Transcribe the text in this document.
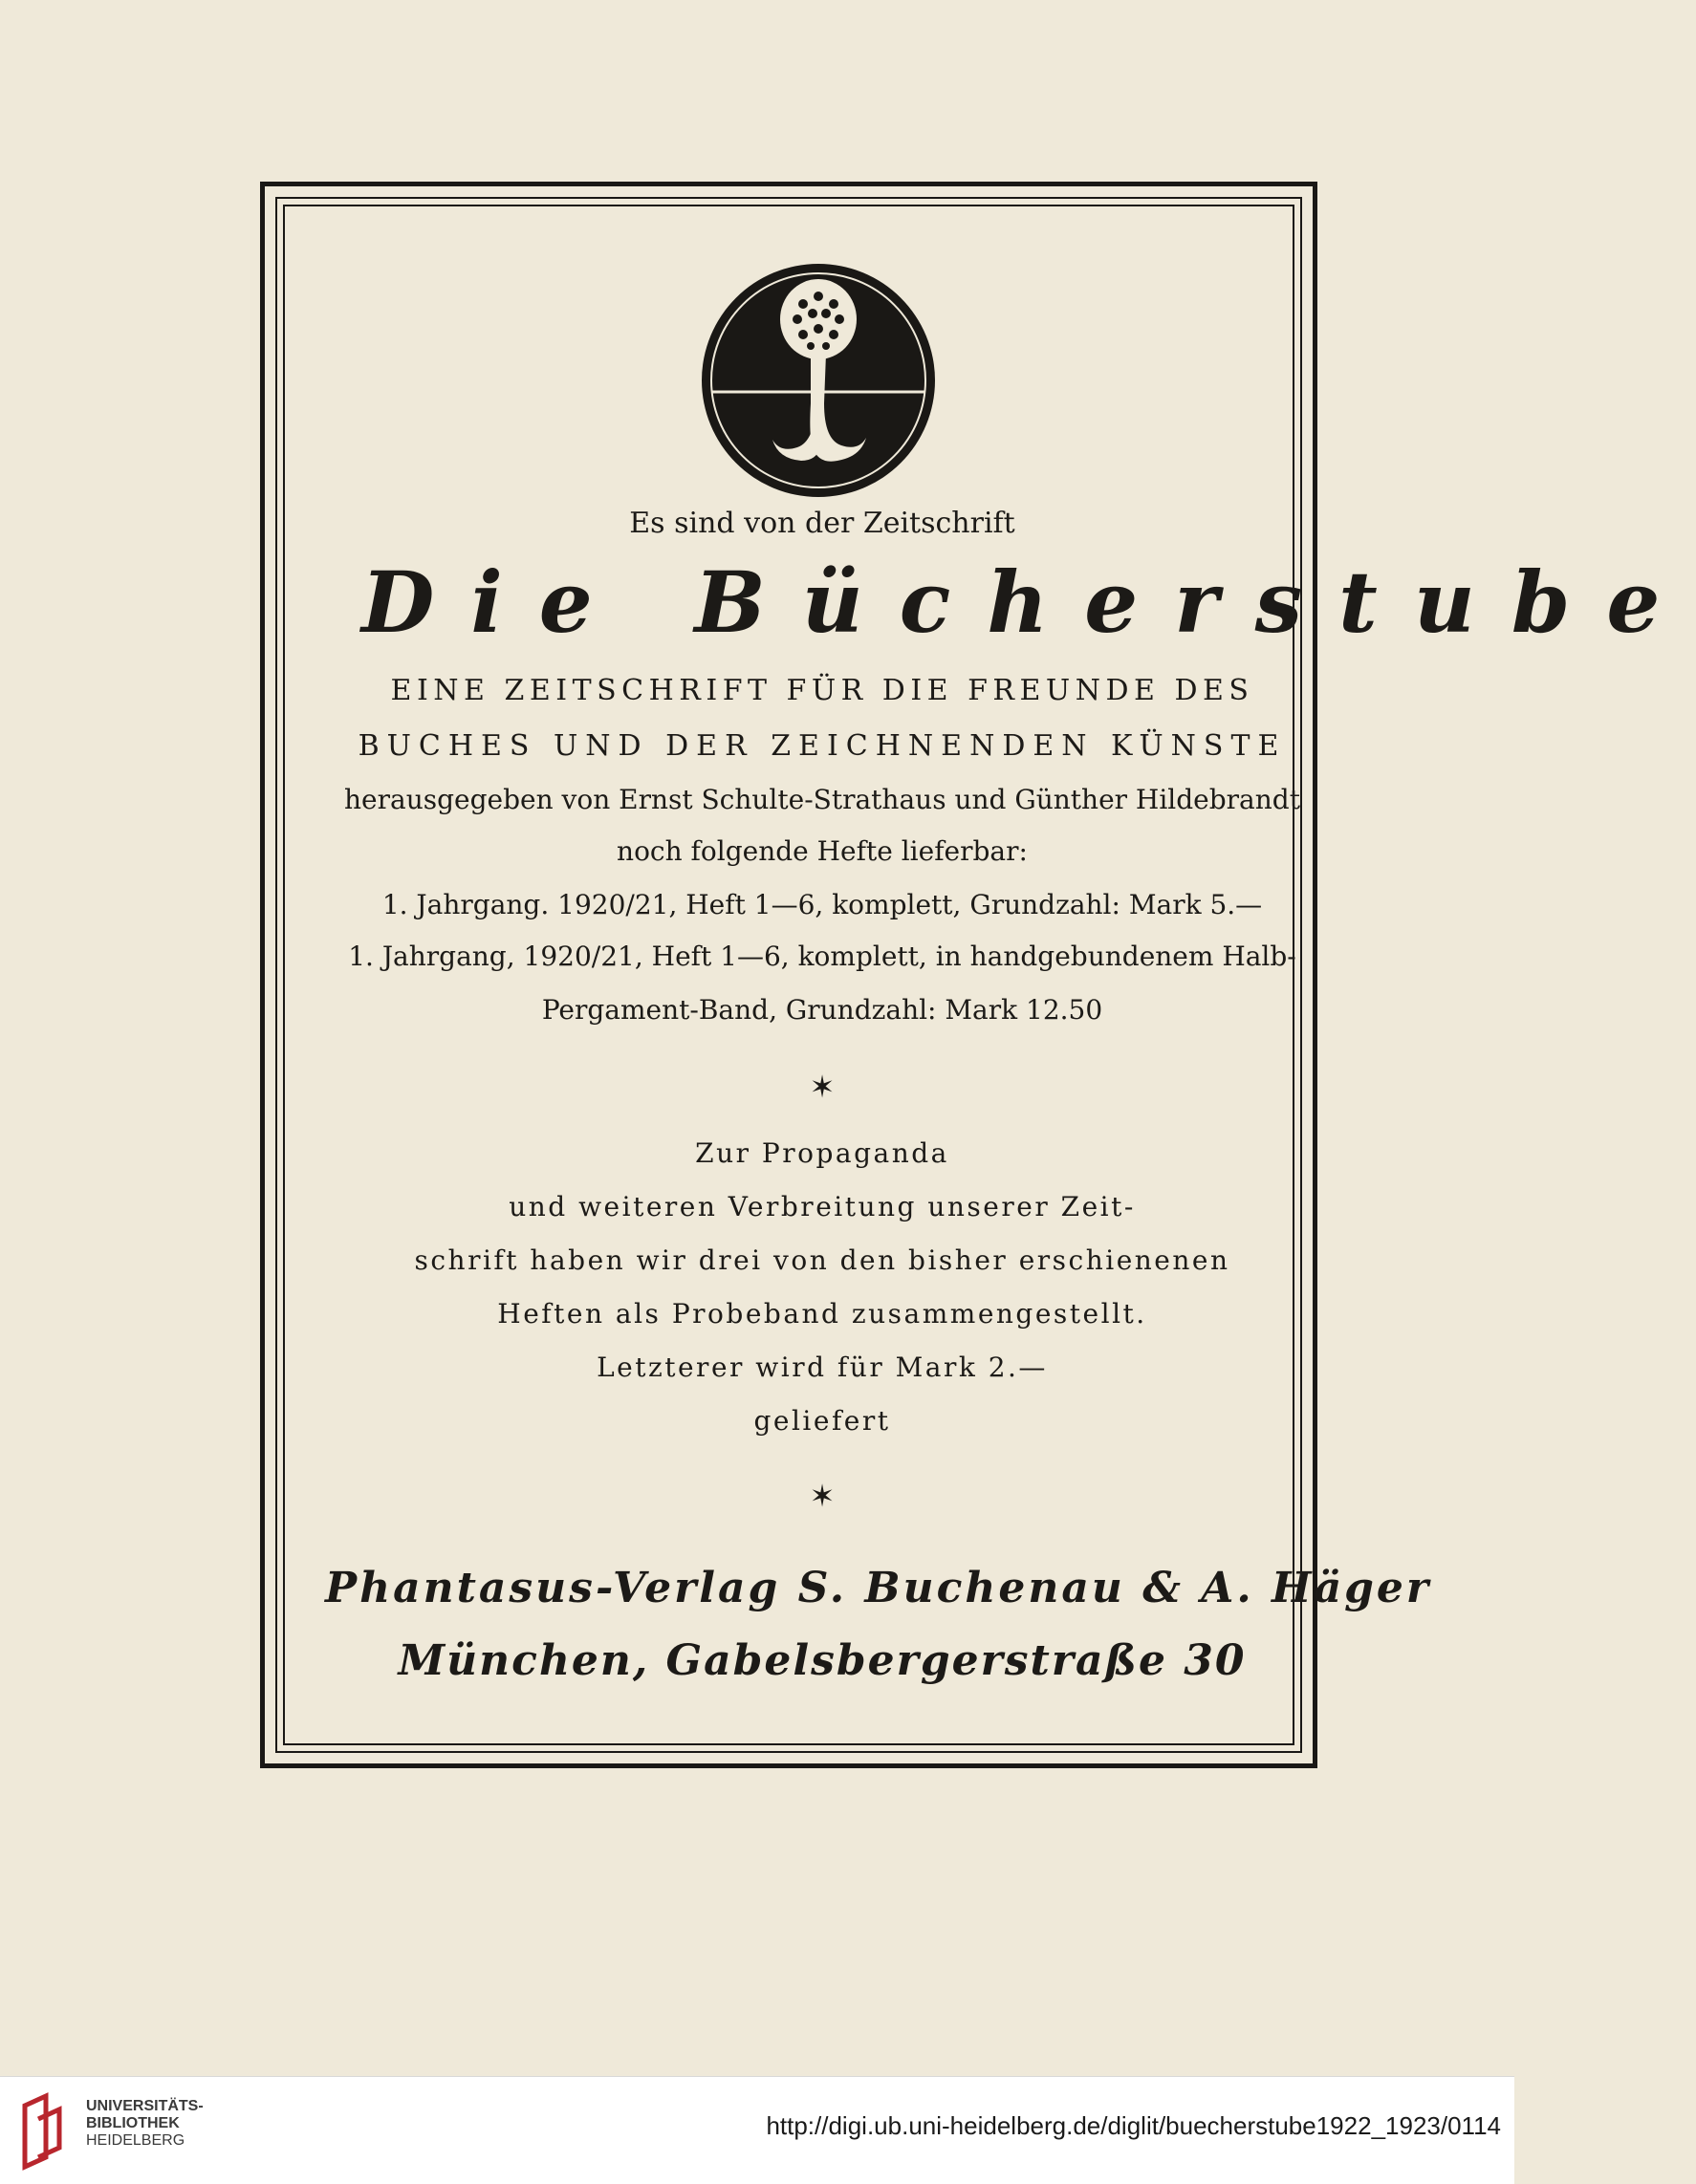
Es sind von der Zeitschrift
Die Bücherstube
EINE ZEITSCHRIFT FÜR DIE FREUNDE DES
BUCHES UND DER ZEICHNENDEN KÜNSTE
herausgegeben von Ernst Schulte-Strathaus und Günther Hildebrandt
noch folgende Hefte lieferbar:
1. Jahrgang. 1920/21, Heft 1—6, komplett, Grundzahl: Mark 5.—
1. Jahrgang, 1920/21, Heft 1—6, komplett, in handgebundenem Halb-
Pergament-Band, Grundzahl: Mark 12.50
✶
Zur Propaganda
und weiteren Verbreitung unserer Zeit-
schrift haben wir drei von den bisher erschienenen
Heften als Probeband zusammengestellt.
Letzterer wird für Mark 2.—
geliefert
✶
Phantasus-Verlag S. Buchenau & A. Häger
München, Gabelsbergerstraße 30
UNIVERSITÄTS-
BIBLIOTHEK
HEIDELBERG
http://digi.ub.uni-heidelberg.de/diglit/buecherstube1922_1923/0114
